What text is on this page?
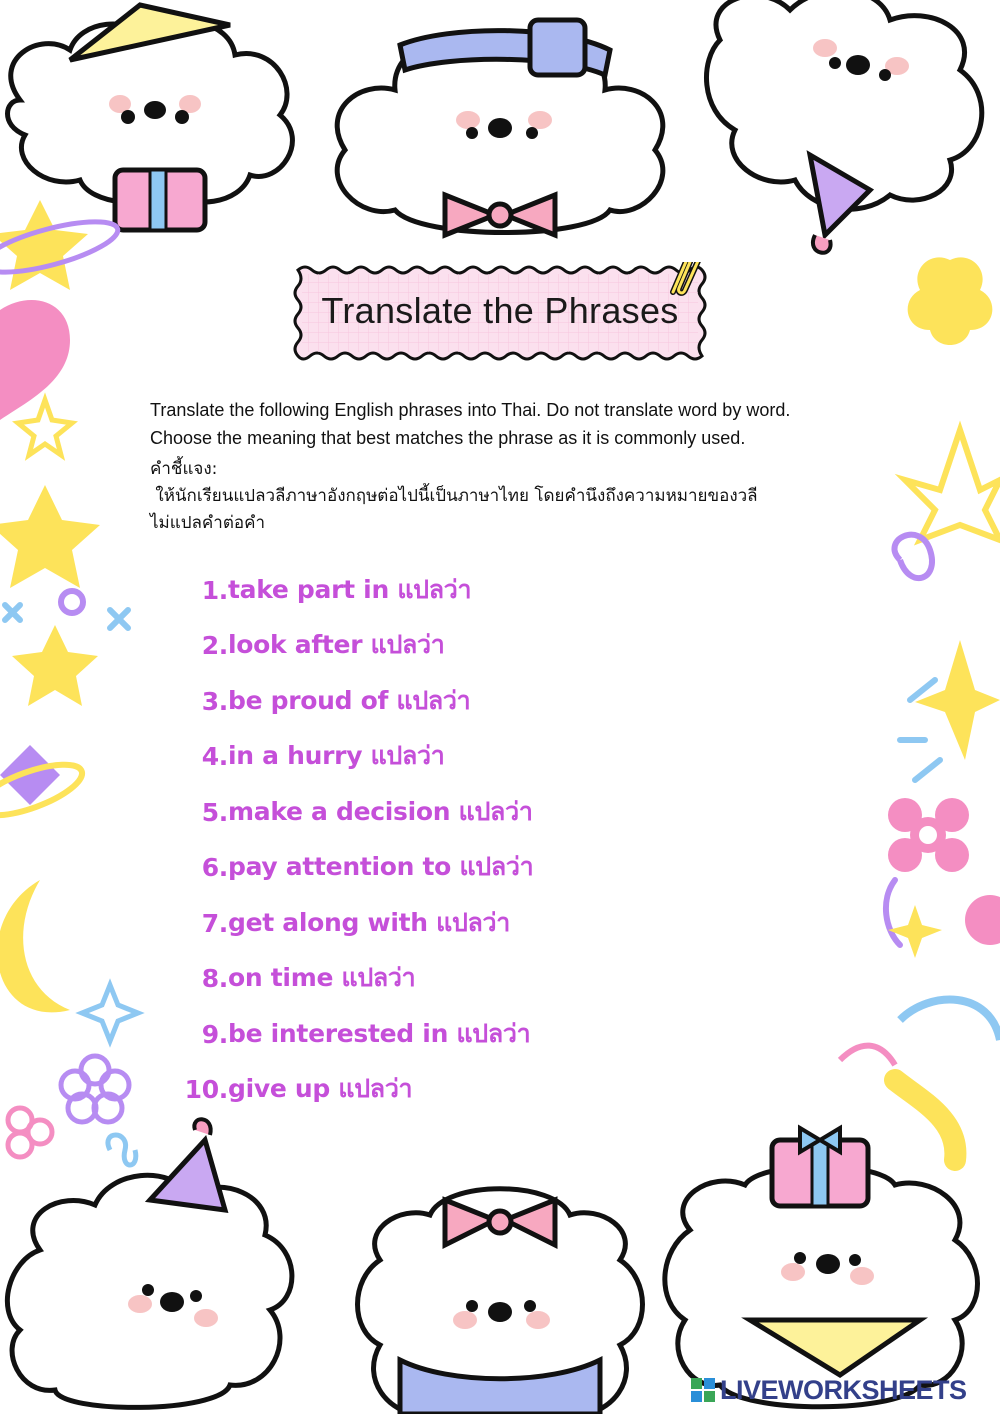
Translate the Phrases
Translate the following English phrases into Thai. Do not translate word by word.
Choose the meaning that best matches the phrase as it is commonly used.
คำชี้แจง:
ให้นักเรียนแปลวลีภาษาอังกฤษต่อไปนี้เป็นภาษาไทย โดยคำนึงถึงความหมายของวลี
ไม่แปลคำต่อคำ
1. take part in แปลว่า
2. look after แปลว่า
3. be proud of แปลว่า
4. in a hurry แปลว่า
5. make a decision แปลว่า
6. pay attention to แปลว่า
7. get along with แปลว่า
8. on time แปลว่า
9. be interested in แปลว่า
10. give up แปลว่า
LIVEWORKSHEETS
